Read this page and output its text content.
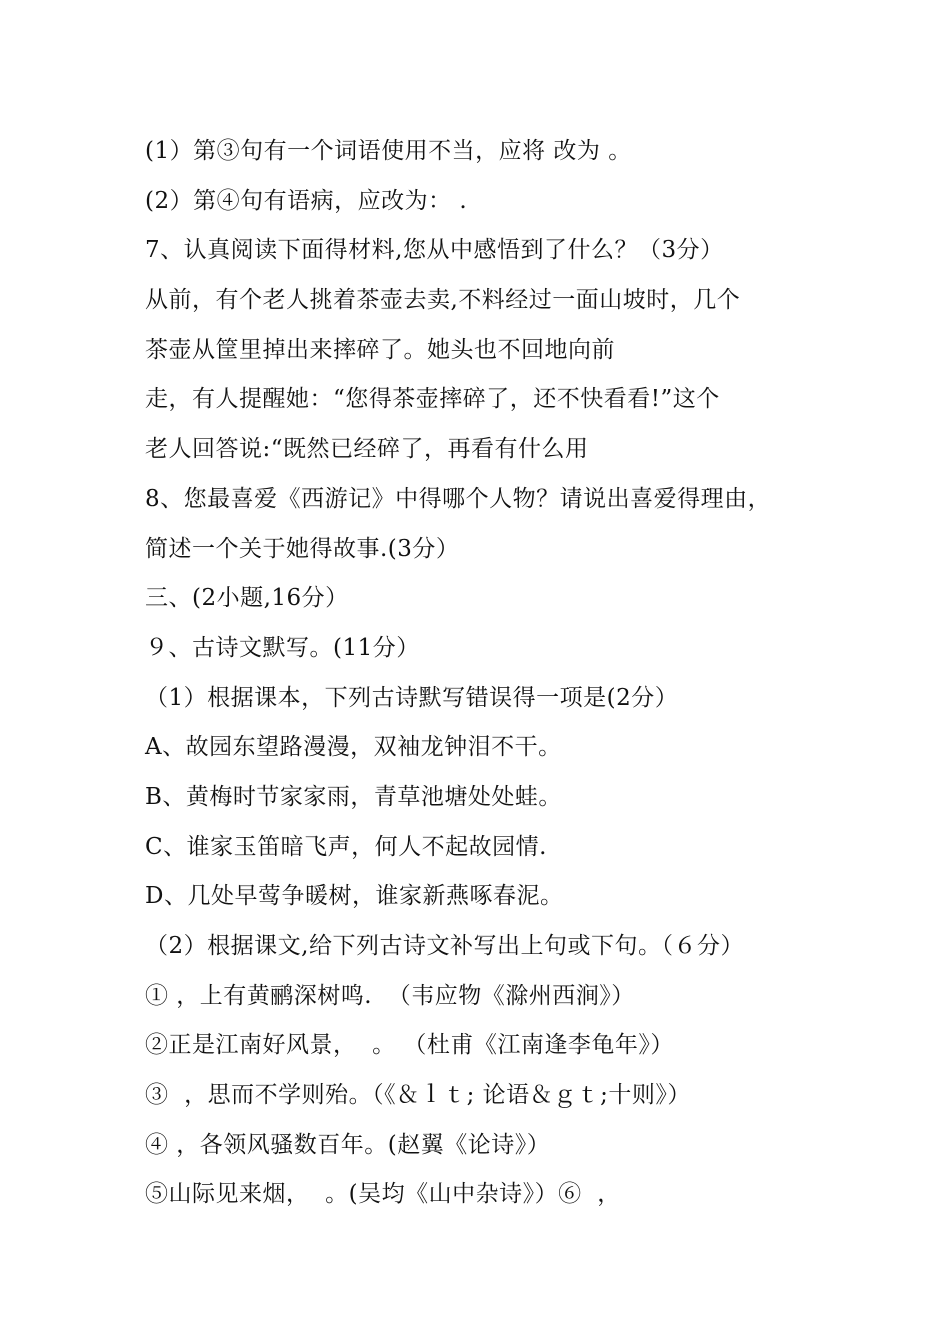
(1）第③句有一个词语使用不当，应将 改为 。
(2）第④句有语病，应改为： .
7、认真阅读下面得材料,您从中感悟到了什么？（3分）
从前，有个老人挑着茶壶去卖,不料经过一面山坡时，几个
茶壶从筐里掉出来摔碎了。她头也不回地向前
走，有人提醒她：“您得茶壶摔碎了，还不快看看!”这个
老人回答说:“既然已经碎了，再看有什么用
8、您最喜爱《西游记》中得哪个人物？请说出喜爱得理由，
简述一个关于她得故事.(3分）
三、(2小题,16分）
９、古诗文默写。(11分）
（1）根据课本，下列古诗默写错误得一项是(2分）
A、故园东望路漫漫，双袖龙钟泪不干。
B、黄梅时节家家雨，青草池塘处处蛙。
C、谁家玉笛暗飞声，何人不起故园情.
D、几处早莺争暖树，谁家新燕啄春泥。
（2）根据课文,给下列古诗文补写出上句或下句。（６分）
① ，上有黄鹂深树鸣.  （韦应物《滁州西涧》）
②正是江南好风景，  。 （杜甫《江南逢李龟年》）
③  ，思而不学则殆。（《＆ｌｔ; 论语＆ｇｔ;十则》）
④ ，各领风骚数百年。(赵翼《论诗》）
⑤山际见来烟，  。(吴均《山中杂诗》）⑥  ，
